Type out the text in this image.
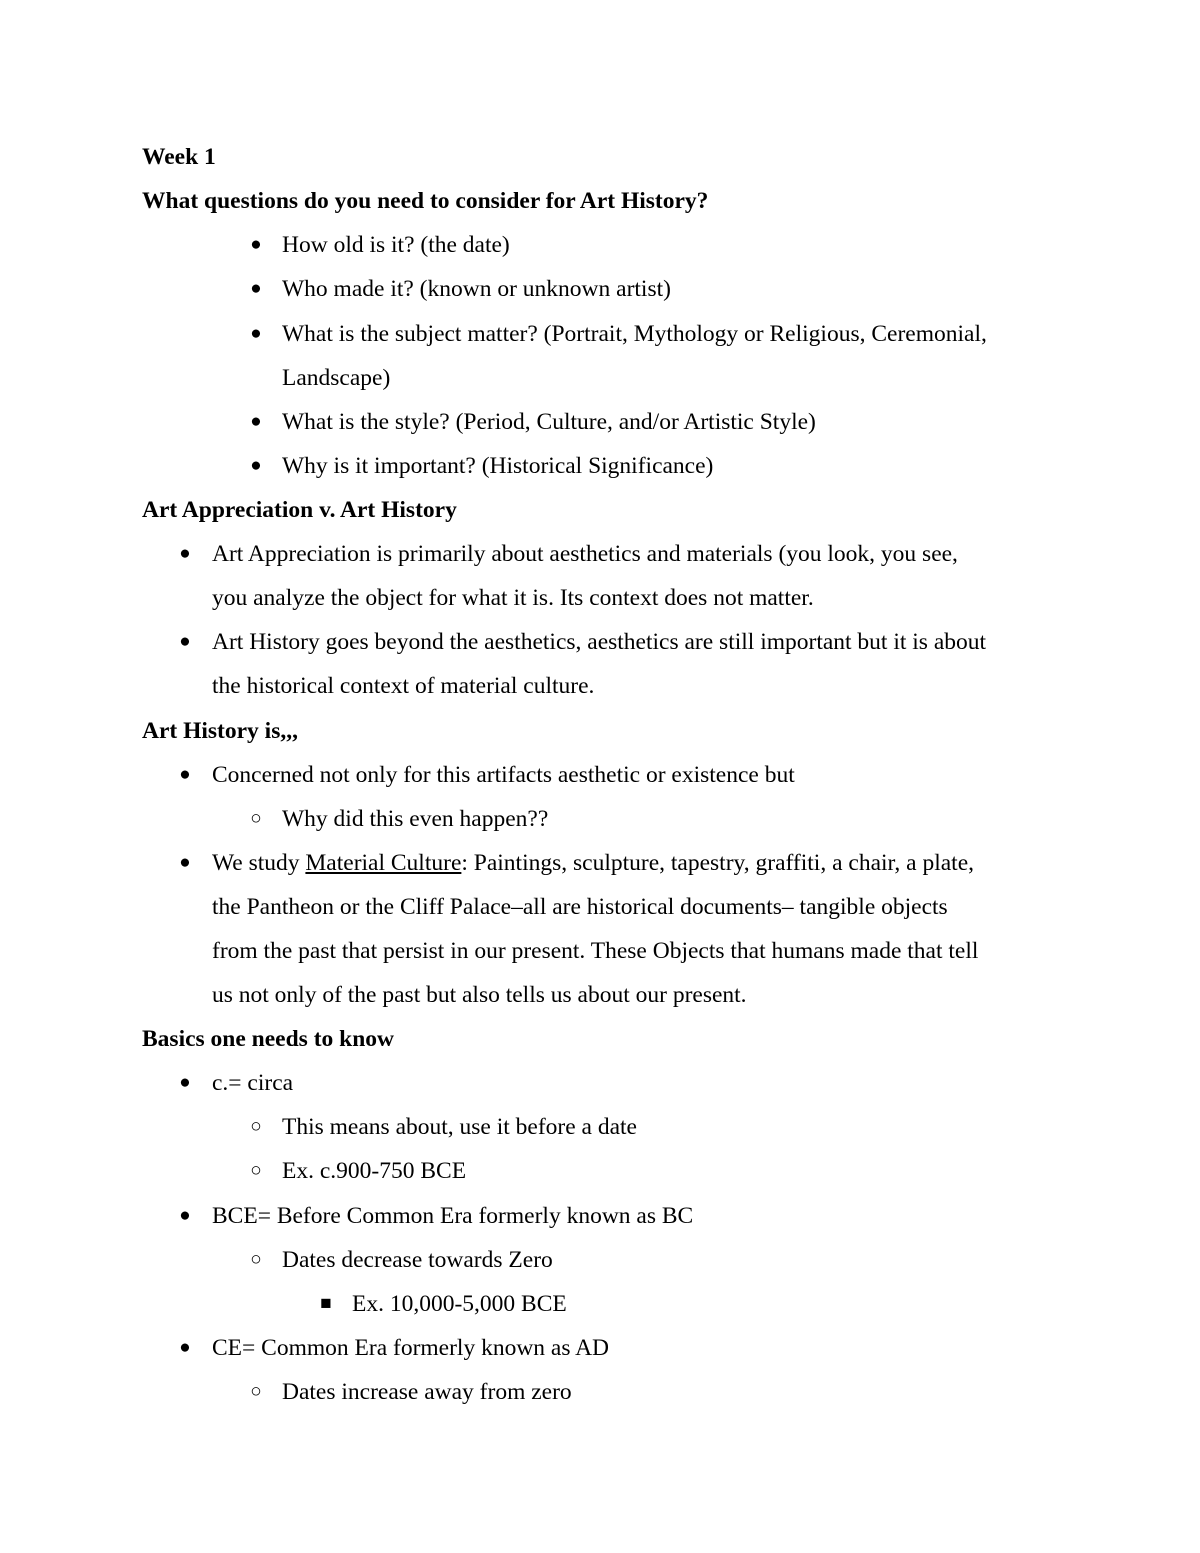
Week 1
What questions do you need to consider for Art History?
● How old is it? (the date)
● Who made it? (known or unknown artist)
● What is the subject matter? (Portrait, Mythology or Religious, Ceremonial,
Landscape)
● What is the style? (Period, Culture, and/or Artistic Style)
● Why is it important? (Historical Significance)
Art Appreciation v. Art History
● Art Appreciation is primarily about aesthetics and materials (you look, you see,
you analyze the object for what it is. Its context does not matter.
● Art History goes beyond the aesthetics, aesthetics are still important but it is about
the historical context of material culture.
Art History is,,,
● Concerned not only for this artifacts aesthetic or existence but
○ Why did this even happen??
● We study Material Culture: Paintings, sculpture, tapestry, graffiti, a chair, a plate,
the Pantheon or the Cliff Palace–all are historical documents– tangible objects
from the past that persist in our present. These Objects that humans made that tell
us not only of the past but also tells us about our present.
Basics one needs to know
● c.= circa
○ This means about, use it before a date
○ Ex. c.900-750 BCE
● BCE= Before Common Era formerly known as BC
○ Dates decrease towards Zero
■ Ex. 10,000-5,000 BCE
● CE= Common Era formerly known as AD
○ Dates increase away from zero
